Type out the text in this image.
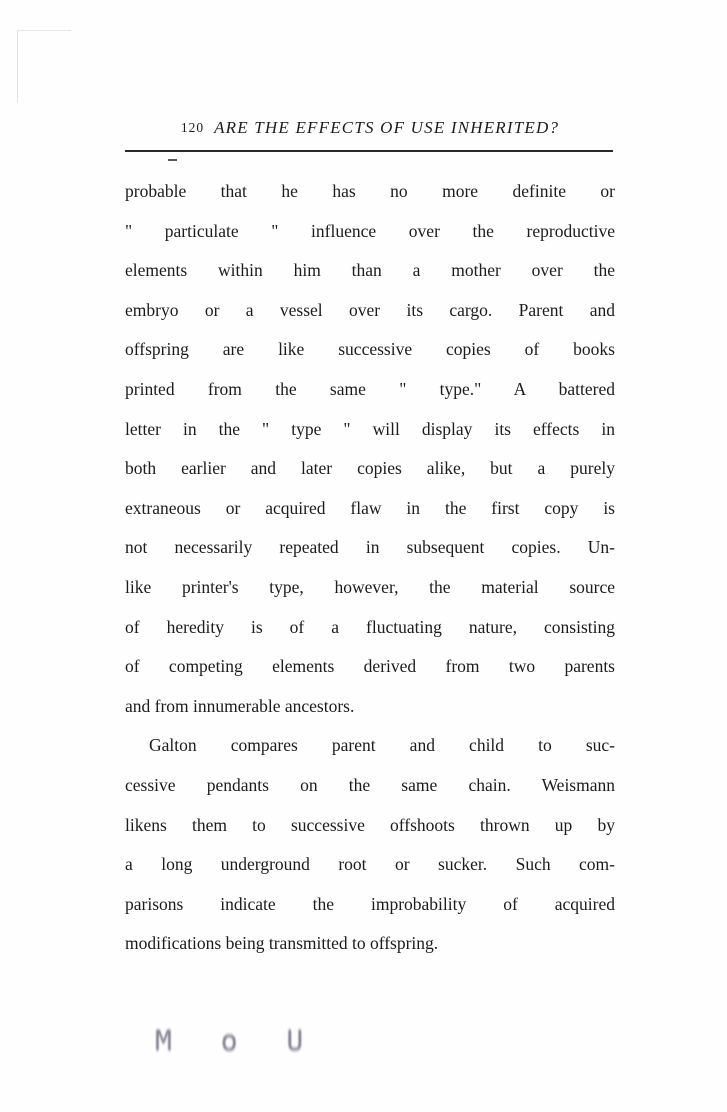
120 ARE THE EFFECTS OF USE INHERITED?
probable that he has no more definite or
" particulate " influence over the reproductive
elements within him than a mother over the
embryo or a vessel over its cargo. Parent and
offspring are like successive copies of books
printed from the same " type." A battered
letter in the " type " will display its effects in
both earlier and later copies alike, but a purely
extraneous or acquired flaw in the first copy is
not necessarily repeated in subsequent copies. Un-
like printer's type, however, the material source
of heredity is of a fluctuating nature, consisting
of competing elements derived from two parents
and from innumerable ancestors.
Galton compares parent and child to suc-
cessive pendants on the same chain. Weismann
likens them to successive offshoots thrown up by
a long underground root or sucker. Such com-
parisons indicate the improbability of acquired
modifications being transmitted to offspring.
M o U
